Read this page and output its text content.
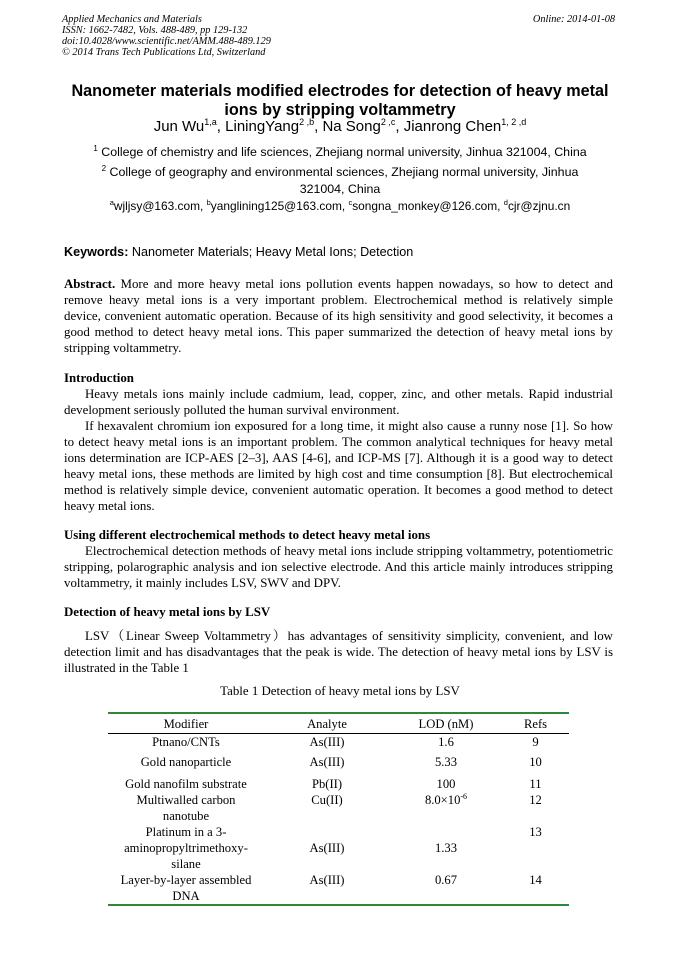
Applied Mechanics and Materials
ISSN: 1662-7482, Vols. 488-489, pp 129-132
doi:10.4028/www.scientific.net/AMM.488-489.129
© 2014 Trans Tech Publications Ltd, Switzerland
Online: 2014-01-08
Nanometer materials modified electrodes for detection of heavy metal ions by stripping voltammetry
Jun Wu$^{1,a}$, LiningYang$^{2 ,b}$, Na Song$^{2 ,c}$, Jianrong Chen$^{1, 2 ,d}$
$^1$ College of chemistry and life sciences, Zhejiang normal university, Jinhua 321004, China
$^2$ College of geography and environmental sciences, Zhejiang normal university, Jinhua 321004, China
$^a$wjljsy@163.com, $^b$yanglining125@163.com, $^c$songna_monkey@126.com, $^d$cjr@zjnu.cn
Keywords: Nanometer Materials; Heavy Metal Ions; Detection
Abstract. More and more heavy metal ions pollution events happen nowadays, so how to detect and remove heavy metal ions is a very important problem. Electrochemical method is relatively simple device, convenient automatic operation. Because of its high sensitivity and good selectivity, it becomes a good method to detect heavy metal ions. This paper summarized the detection of heavy metal ions by stripping voltammetry.
Introduction
Heavy metals ions mainly include cadmium, lead, copper, zinc, and other metals. Rapid industrial development seriously polluted the human survival environment.
If hexavalent chromium ion exposured for a long time, it might also cause a runny nose [1]. So how to detect heavy metal ions is an important problem. The common analytical techniques for heavy metal ions determination are ICP-AES [2–3], AAS [4-6], and ICP-MS [7]. Although it is a good way to detect heavy metal ions, these methods are limited by high cost and time consumption [8]. But electrochemical method is relatively simple device, convenient automatic operation. It becomes a good method to detect heavy metal ions.
Using different electrochemical methods to detect heavy metal ions
Electrochemical detection methods of heavy metal ions include stripping voltammetry, potentiometric stripping, polarographic analysis and ion selective electrode. And this article mainly introduces stripping voltammetry, it mainly includes LSV, SWV and DPV.
Detection of heavy metal ions by LSV
LSV（Linear Sweep Voltammetry）has advantages of sensitivity simplicity, convenient, and low detection limit and has disadvantages that the peak is wide. The detection of heavy metal ions by LSV is illustrated in the Table 1
Table 1 Detection of heavy metal ions by LSV
Modifier	Analyte	LOD (nM)	Refs
Ptnano/CNTs	As(III)	1.6	9
Gold nanoparticle	As(III)	5.33	10
Gold nanofilm substrate	Pb(II)	100	11
Multiwalled carbon nanotube	Cu(II)	$8.0\times 10^{-6}$	12
Platinum in a 3-aminopropyltrimethoxy-silane	As(III)	1.33	13
Layer-by-layer assembled DNA	As(III)	0.67	14
